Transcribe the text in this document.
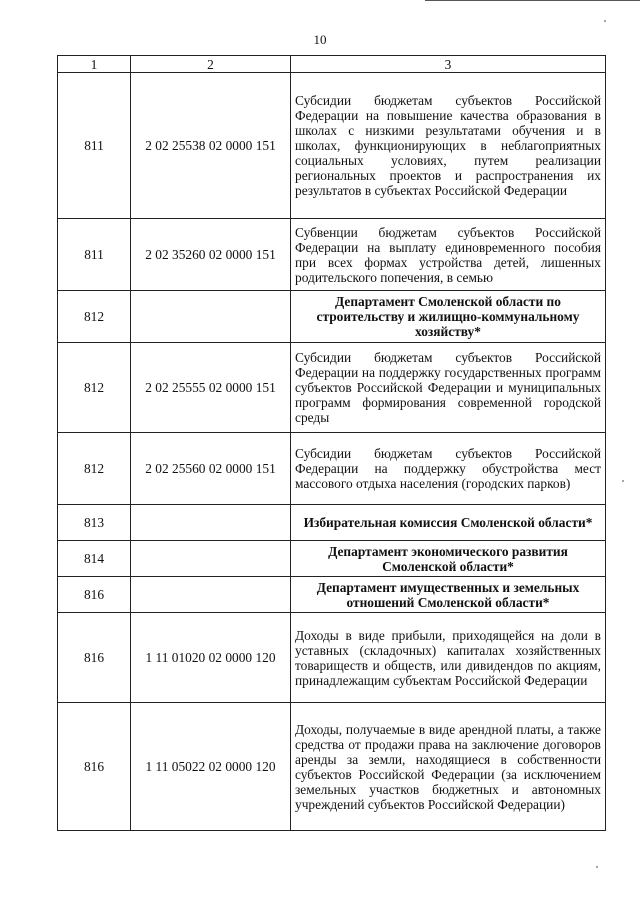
10
1	2	3
811	2 02 25538 02 0000 151	Субсидии бюджетам субъектов Российской Федерации на повышение качества образования в школах с низкими результатами обучения и в школах, функционирующих в неблагоприятных социальных условиях, путем реализации региональных проектов и распространения их результатов в субъектах Российской Федерации
811	2 02 35260 02 0000 151	Субвенции бюджетам субъектов Российской Федерации на выплату единовременного пособия при всех формах устройства детей, лишенных родительского попечения, в семью
812		Департамент Смоленской области по строительству и жилищно-коммунальному хозяйству*
812	2 02 25555 02 0000 151	Субсидии бюджетам субъектов Российской Федерации на поддержку государственных программ субъектов Российской Федерации и муниципальных программ формирования современной городской среды
812	2 02 25560 02 0000 151	Субсидии бюджетам субъектов Российской Федерации на поддержку обустройства мест массового отдыха населения (городских парков)
813		Избирательная комиссия Смоленской области*
814		Департамент экономического развития Смоленской области*
816		Департамент имущественных и земельных отношений Смоленской области*
816	1 11 01020 02 0000 120	Доходы в виде прибыли, приходящейся на доли в уставных (складочных) капиталах хозяйственных товариществ и обществ, или дивидендов по акциям, принадлежащим субъектам Российской Федерации
816	1 11 05022 02 0000 120	Доходы, получаемые в виде арендной платы, а также средства от продажи права на заключение договоров аренды за земли, находящиеся в собственности субъектов Российской Федерации (за исключением земельных участков бюджетных и автономных учреждений субъектов Российской Федерации)
